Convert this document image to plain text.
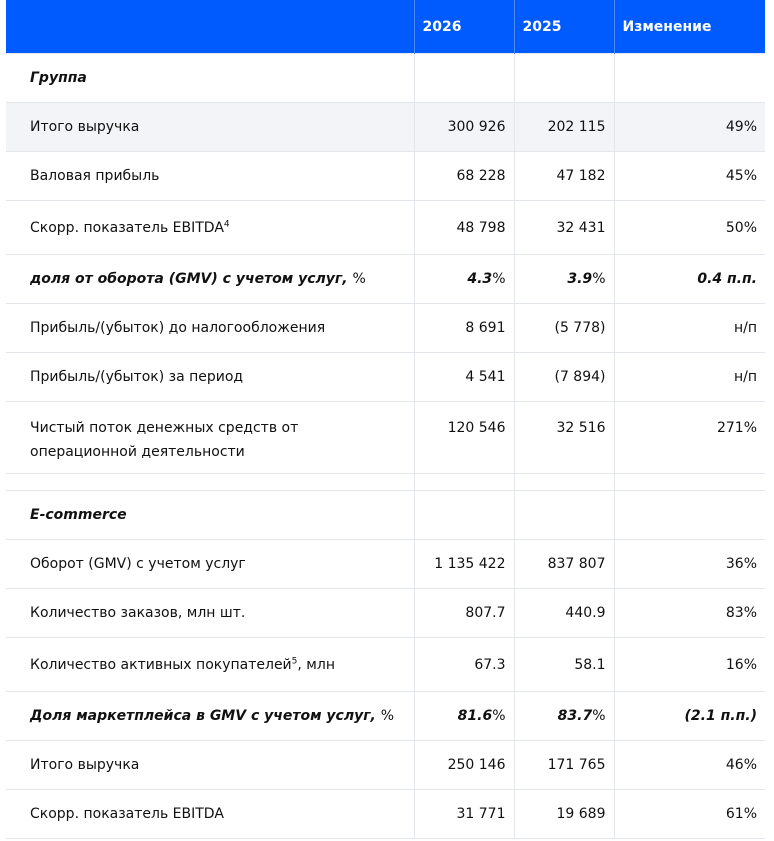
	2026	2025	Изменение
Группа			
Итого выручка	300 926	202 115	49%
Валовая прибыль	68 228	47 182	45%
Скорр. показатель EBITDA$^4$	48 798	32 431	50%
доля от оборота (GMV) с учетом услуг, %	4.3%	3.9%	0.4 п.п.
Прибыль/(убыток) до налогообложения	8 691	(5 778)	н/п
Прибыль/(убыток) за период	4 541	(7 894)	н/п
Чистый поток денежных средств от операционной деятельности	120 546	32 516	271%

E-commerce			
Оборот (GMV) с учетом услуг	1 135 422	837 807	36%
Количество заказов, млн шт.	807.7	440.9	83%
Количество активных покупателей$^5$, млн	67.3	58.1	16%
Доля маркетплейса в GMV с учетом услуг, %	81.6%	83.7%	(2.1 п.п.)
Итого выручка	250 146	171 765	46%
Скорр. показатель EBITDA	31 771	19 689	61%
